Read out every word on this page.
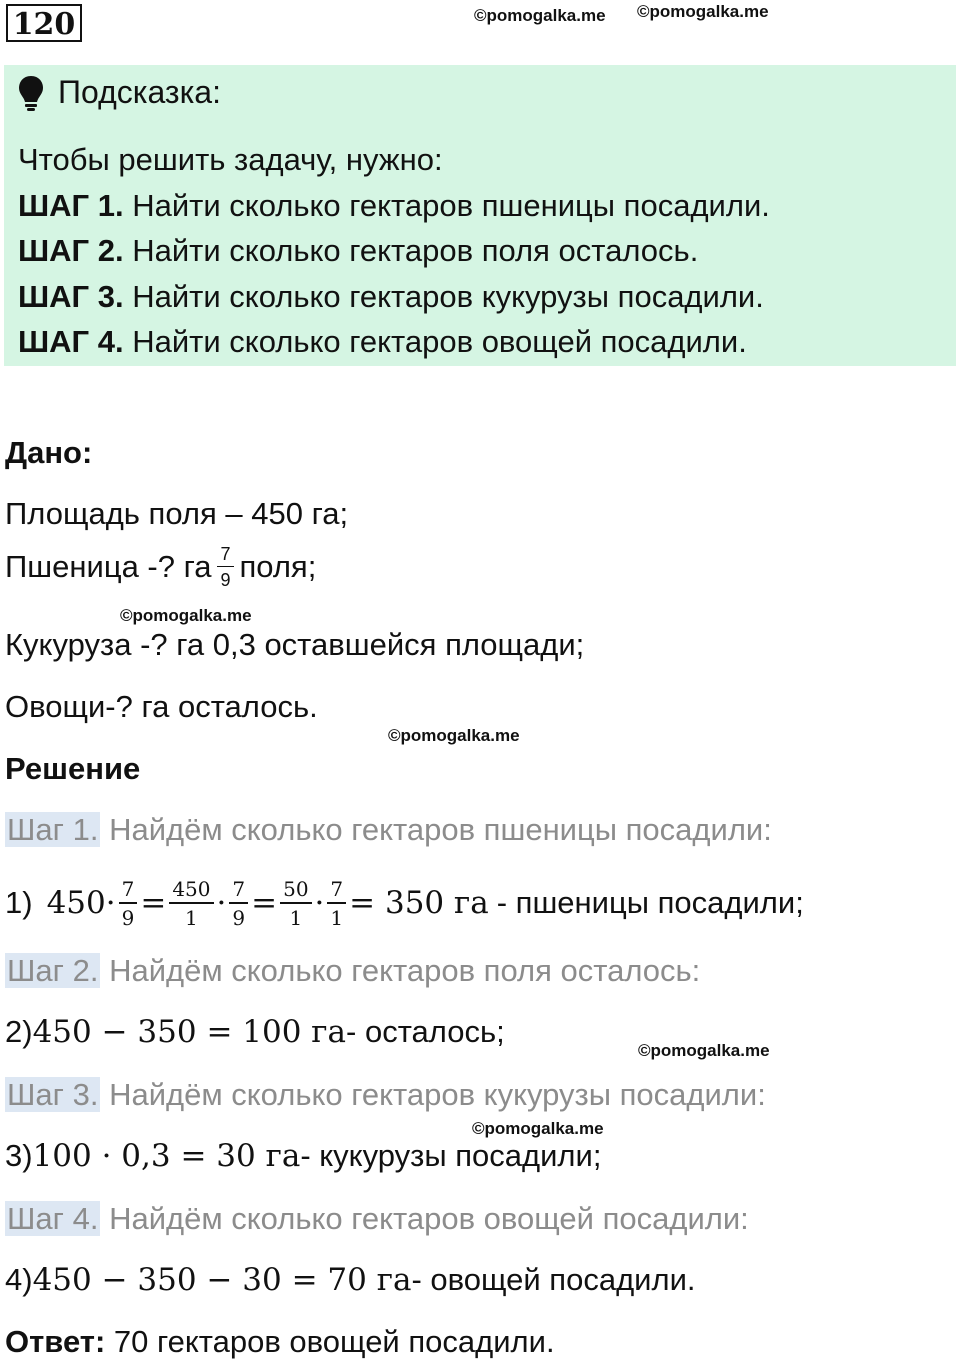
120	©pomogalka.me ©pomogalka.me
Подсказка:
Чтобы решить задачу, нужно:
ШАГ 1. Найти сколько гектаров пшеницы посадили.
ШАГ 2. Найти сколько гектаров поля осталось.
ШАГ 3. Найти сколько гектаров кукурузы посадили.
ШАГ 4. Найти сколько гектаров овощей посадили.
Дано:
Площадь поля – 450 га;
Пшеница -? га $\frac{7}{9}$ поля;
©pomogalka.me
Кукуруза -? га 0,3 оставшейся площади;
Овощи-? га осталось.
©pomogalka.me
Решение
Шаг 1. Найдём сколько гектаров пшеницы посадили:
1) $450 \cdot \frac{7}{9} = \frac{450}{1} \cdot \frac{7}{9} = \frac{50}{1} \cdot \frac{7}{1} = 350$ га - пшеницы посадили;
Шаг 2. Найдём сколько гектаров поля осталось:
2) 450 − 350 = 100 га - осталось;
©pomogalka.me
Шаг 3. Найдём сколько гектаров кукурузы посадили:
©pomogalka.me
3) 100 · 0,3 = 30 га - кукурузы посадили;
Шаг 4. Найдём сколько гектаров овощей посадили:
4) 450 − 350 − 30 = 70 га - овощей посадили.
Ответ: 70 гектаров овощей посадили.
